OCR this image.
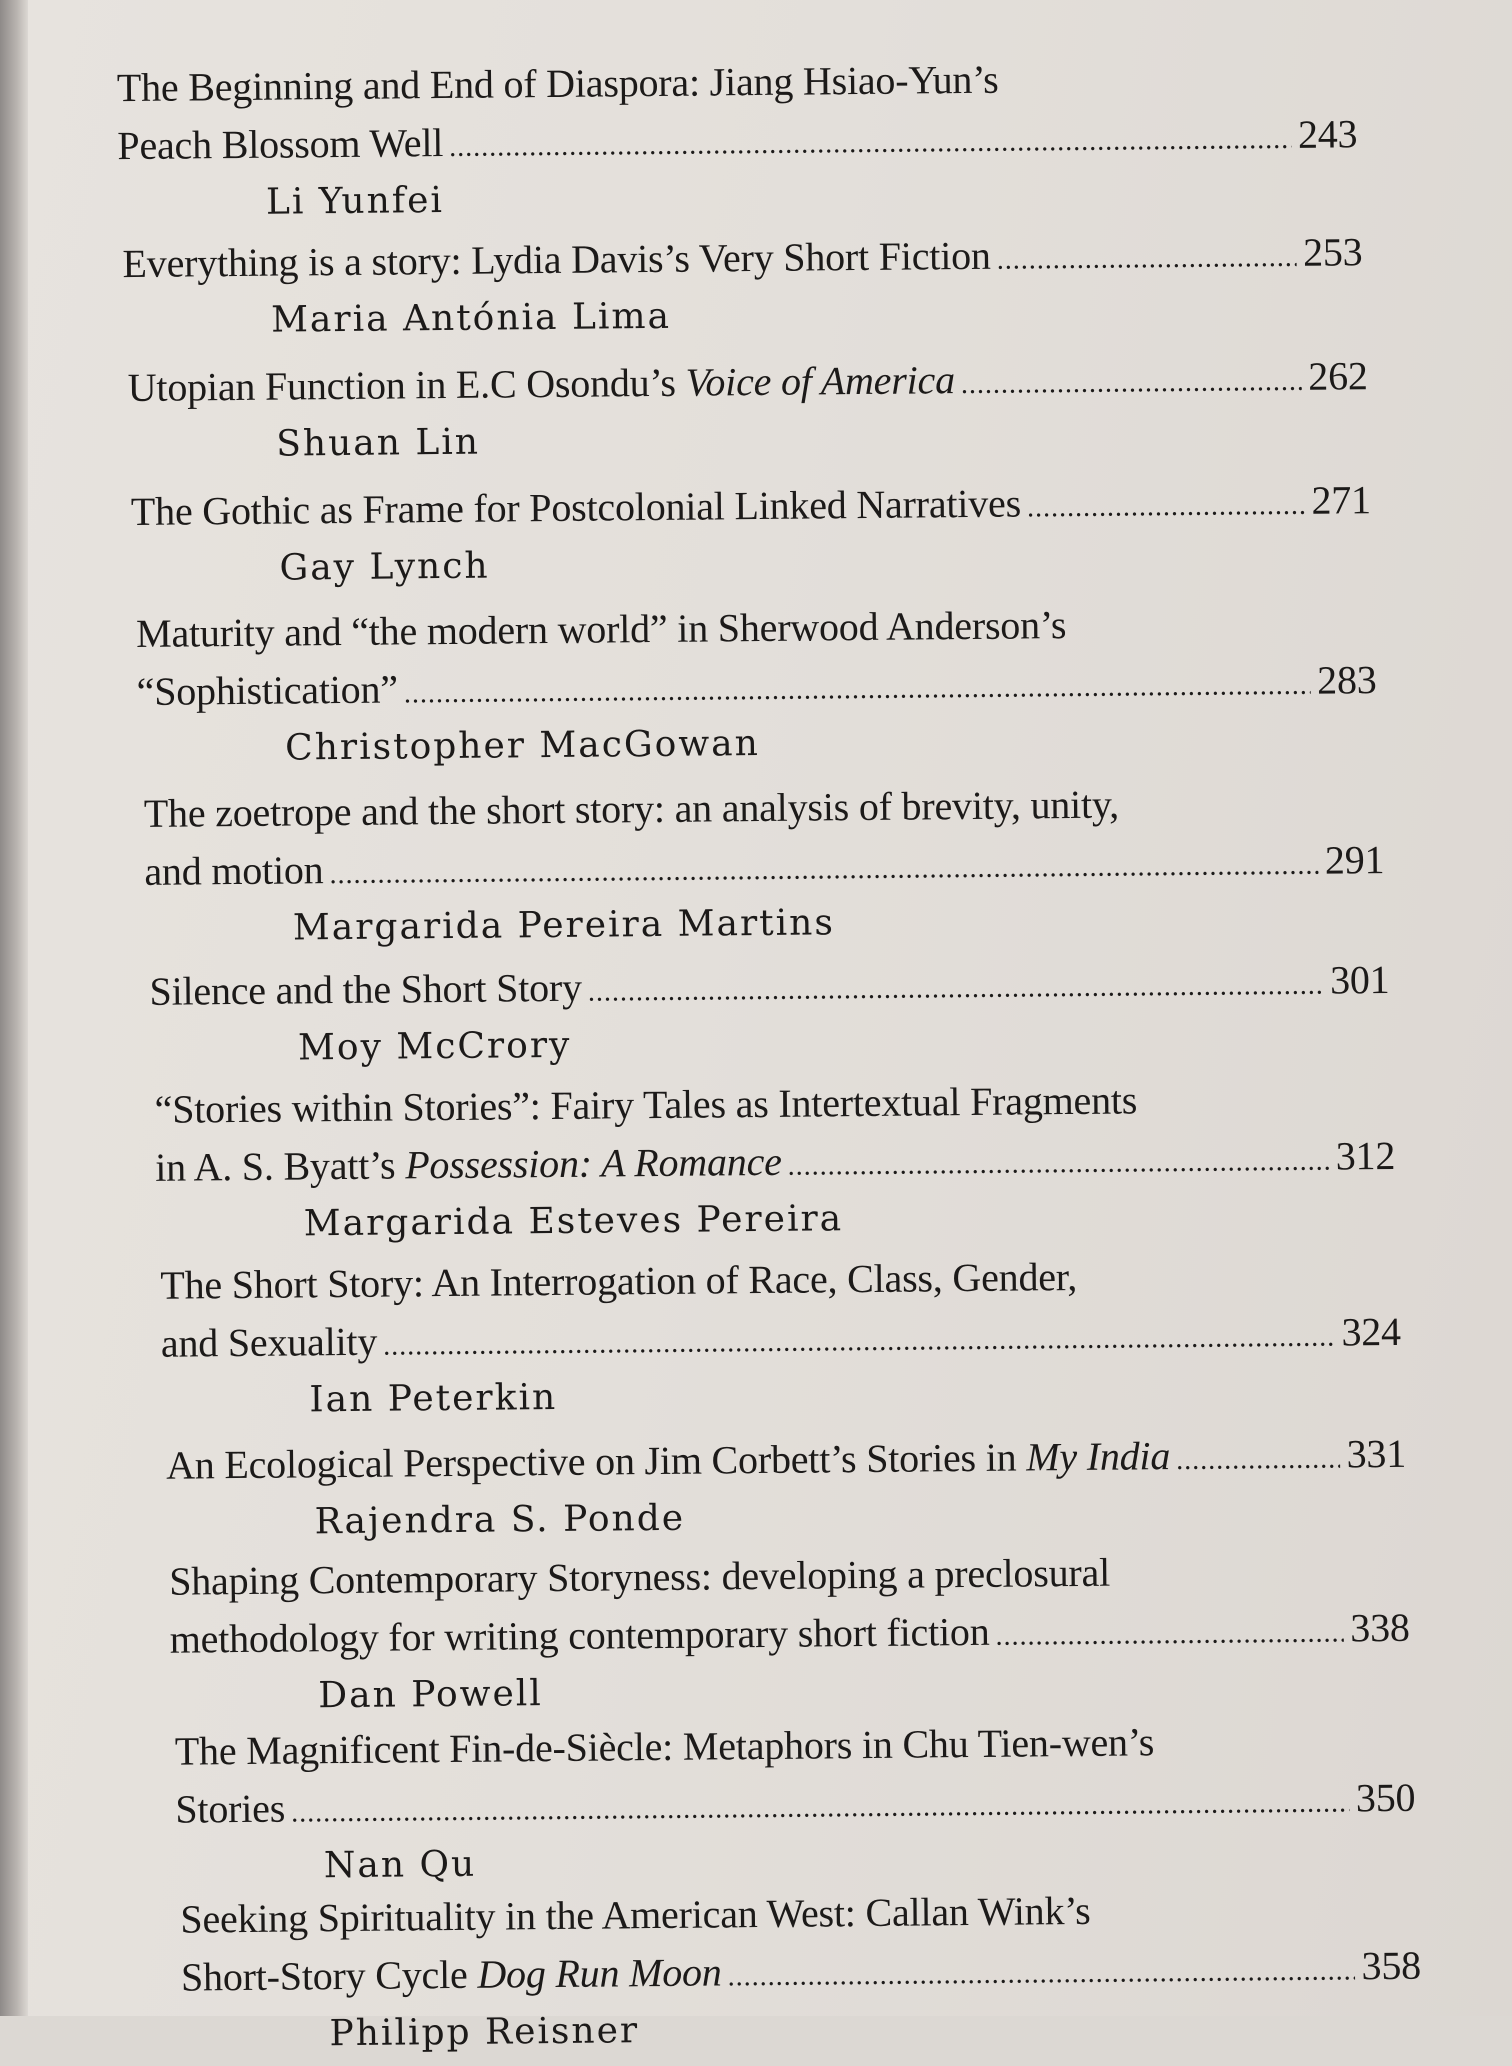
The Beginning and End of Diaspora: Jiang Hsiao-Yun’s
Peach Blossom Well .....	243
Li Yunfei
Everything is a story: Lydia Davis’s Very Short Fiction .....	253
Maria Antónia Lima
Utopian Function in E.C Osondu’s Voice of America .....	262
Shuan Lin
The Gothic as Frame for Postcolonial Linked Narratives .....	271
Gay Lynch
Maturity and “the modern world” in Sherwood Anderson’s
“Sophistication” .....	283
Christopher MacGowan
The zoetrope and the short story: an analysis of brevity, unity,
and motion .....	291
Margarida Pereira Martins
Silence and the Short Story .....	301
Moy McCrory
“Stories within Stories”: Fairy Tales as Intertextual Fragments
in A. S. Byatt’s Possession: A Romance .....	312
Margarida Esteves Pereira
The Short Story: An Interrogation of Race, Class, Gender,
and Sexuality .....	324
Ian Peterkin
An Ecological Perspective on Jim Corbett’s Stories in My India .....	331
Rajendra S. Ponde
Shaping Contemporary Storyness: developing a preclosural
methodology for writing contemporary short fiction .....	338
Dan Powell
The Magnificent Fin-de-Siècle: Metaphors in Chu Tien-wen’s
Stories .....	350
Nan Qu
Seeking Spirituality in the American West: Callan Wink’s
Short-Story Cycle Dog Run Moon .....	358
Philipp Reisner
